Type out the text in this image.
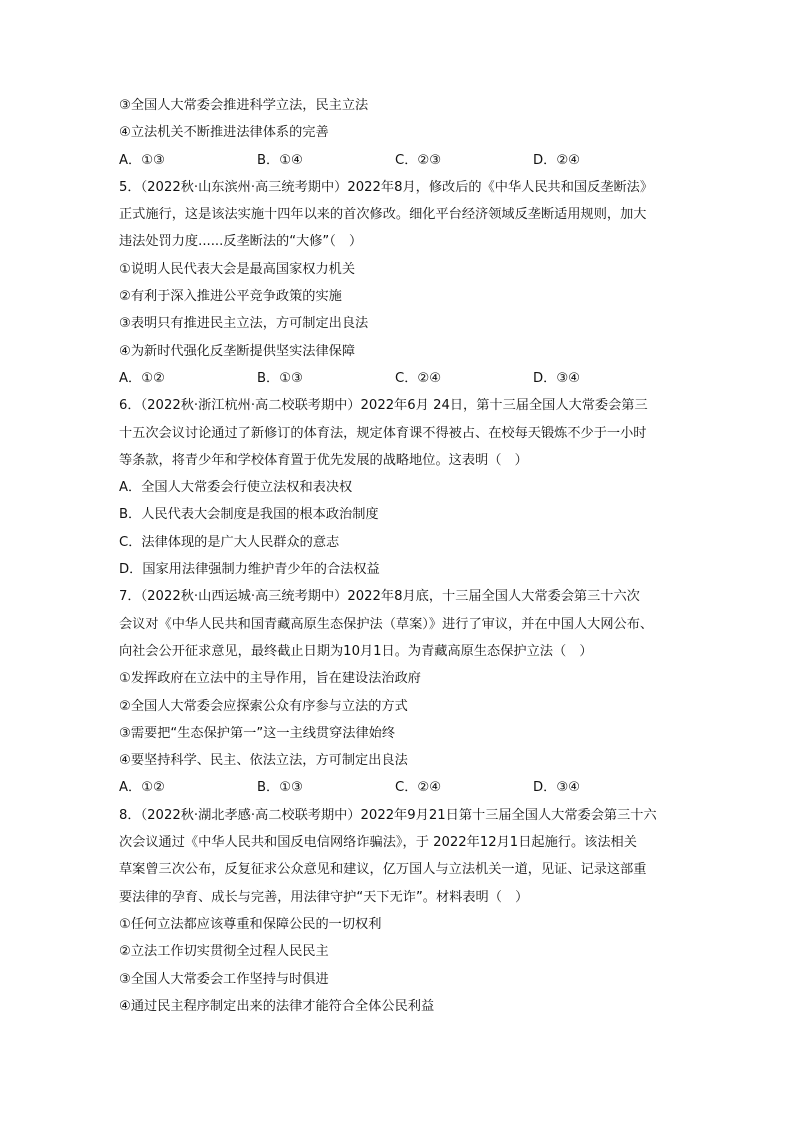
③全国人大常委会推进科学立法，民主立法
④立法机关不断推进法律体系的完善
A．①③	B．①④	C．②③	D．②④
5．（2022秋·山东滨州·高三统考期中）2022年8月，修改后的《中华人民共和国反垄断法》
正式施行，这是该法实施十四年以来的首次修改。细化平台经济领域反垄断适用规则，加大
违法处罚力度......反垄断法的“大修”（　）
①说明人民代表大会是最高国家权力机关
②有利于深入推进公平竞争政策的实施
③表明只有推进民主立法，方可制定出良法
④为新时代强化反垄断提供坚实法律保障
A．①②	B．①③	C．②④	D．③④
6．（2022秋·浙江杭州·高二校联考期中）2022年6月 24日，第十三届全国人大常委会第三
十五次会议讨论通过了新修订的体育法，规定体育课不得被占、在校每天锻炼不少于一小时
等条款，将青少年和学校体育置于优先发展的战略地位。这表明（　）
A．全国人大常委会行使立法权和表决权
B．人民代表大会制度是我国的根本政治制度
C．法律体现的是广大人民群众的意志
D．国家用法律强制力维护青少年的合法权益
7．（2022秋·山西运城·高三统考期中）2022年8月底，十三届全国人大常委会第三十六次
会议对《中华人民共和国青藏高原生态保护法（草案）》进行了审议，并在中国人大网公布、
向社会公开征求意见，最终截止日期为10月1日。为青藏高原生态保护立法（　）
①发挥政府在立法中的主导作用，旨在建设法治政府
②全国人大常委会应探索公众有序参与立法的方式
③需要把“生态保护第一”这一主线贯穿法律始终
④要坚持科学、民主、依法立法，方可制定出良法
A．①②	B．①③	C．②④	D．③④
8．（2022秋·湖北孝感·高二校联考期中）2022年9月21日第十三届全国人大常委会第三十六
次会议通过《中华人民共和国反电信网络诈骗法》，于 2022年12月1日起施行。该法相关
草案曾三次公布，反复征求公众意见和建议，亿万国人与立法机关一道，见证、记录这部重
要法律的孕育、成长与完善，用法律守护“天下无诈”。材料表明（　）
①任何立法都应该尊重和保障公民的一切权利
②立法工作切实贯彻全过程人民民主
③全国人大常委会工作坚持与时俱进
④通过民主程序制定出来的法律才能符合全体公民利益
